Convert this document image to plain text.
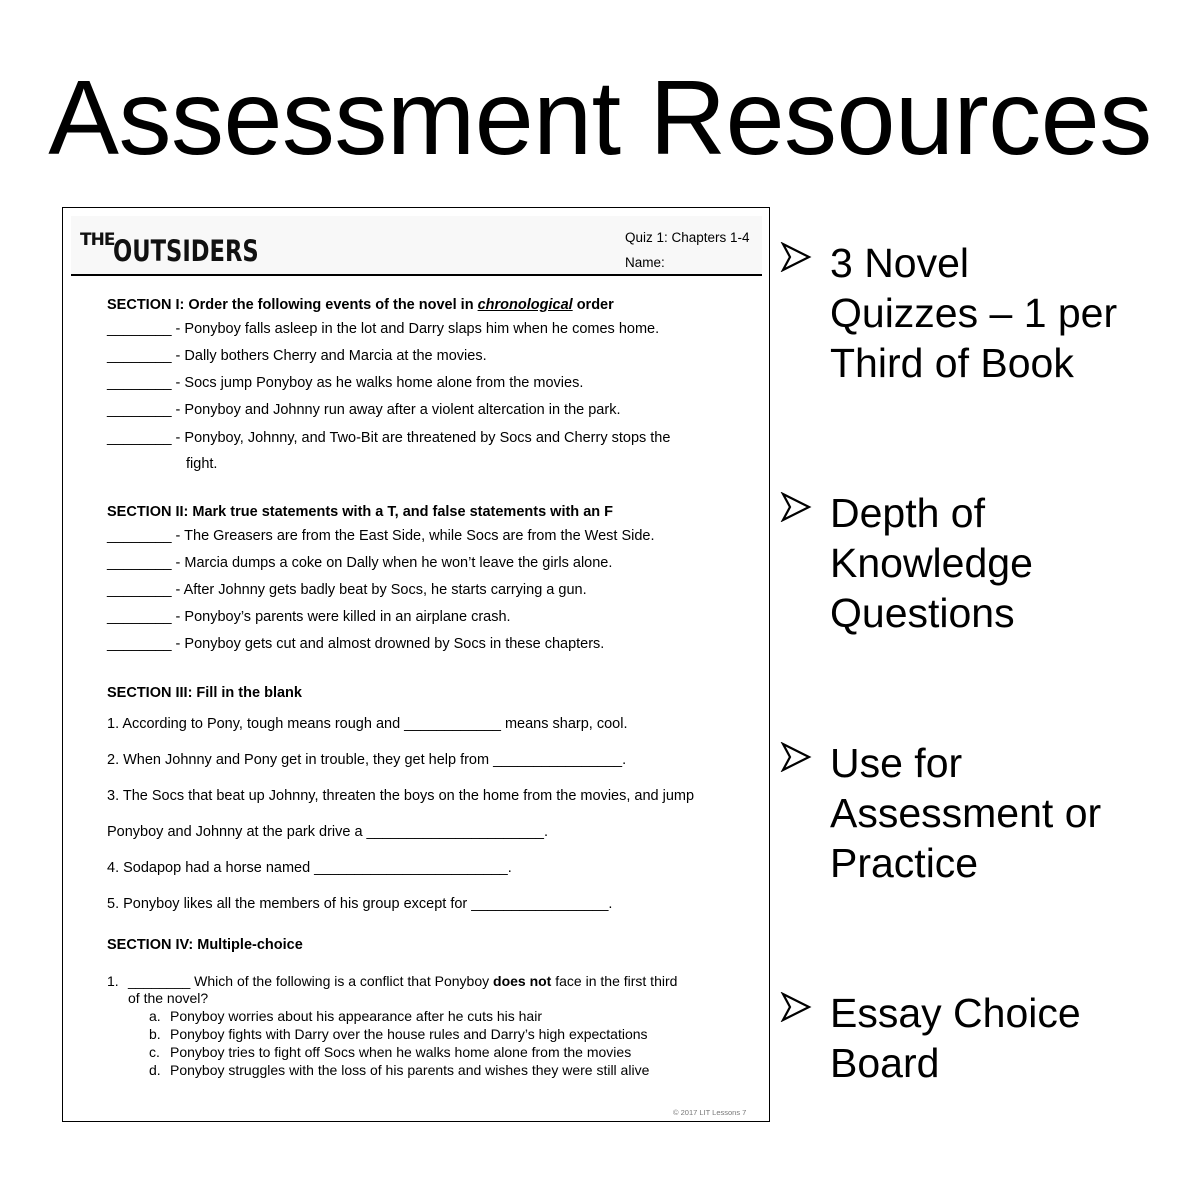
Assessment Resources
THE
OUTSIDERS	Quiz 1: Chapters 1-4
Name:
SECTION I: Order the following events of the novel in chronological order
________ - Ponyboy falls asleep in the lot and Darry slaps him when he comes home.
________ - Dally bothers Cherry and Marcia at the movies.
________ - Socs jump Ponyboy as he walks home alone from the movies.
________ - Ponyboy and Johnny run away after a violent altercation in the park.
________ - Ponyboy, Johnny, and Two-Bit are threatened by Socs and Cherry stops the
fight.
SECTION II: Mark true statements with a T, and false statements with an F
________ - The Greasers are from the East Side, while Socs are from the West Side.
________ - Marcia dumps a coke on Dally when he won’t leave the girls alone.
________ - After Johnny gets badly beat by Socs, he starts carrying a gun.
________ - Ponyboy’s parents were killed in an airplane crash.
________ - Ponyboy gets cut and almost drowned by Socs in these chapters.
SECTION III: Fill in the blank
1. According to Pony, tough means rough and ____________ means sharp, cool.
2. When Johnny and Pony get in trouble, they get help from ________________.
3. The Socs that beat up Johnny, threaten the boys on the home from the movies, and jump
Ponyboy and Johnny at the park drive a ______________________.
4. Sodapop had a horse named ________________________.
5. Ponyboy likes all the members of his group except for _________________.
SECTION IV: Multiple-choice
1. ________ Which of the following is a conflict that Ponyboy does not face in the first third
of the novel?
a. Ponyboy worries about his appearance after he cuts his hair
b. Ponyboy fights with Darry over the house rules and Darry’s high expectations
c. Ponyboy tries to fight off Socs when he walks home alone from the movies
d. Ponyboy struggles with the loss of his parents and wishes they were still alive
© 2017 LIT Lessons 7
3 Novel
Quizzes – 1 per
Third of Book
Depth of
Knowledge
Questions
Use for
Assessment or
Practice
Essay Choice
Board
